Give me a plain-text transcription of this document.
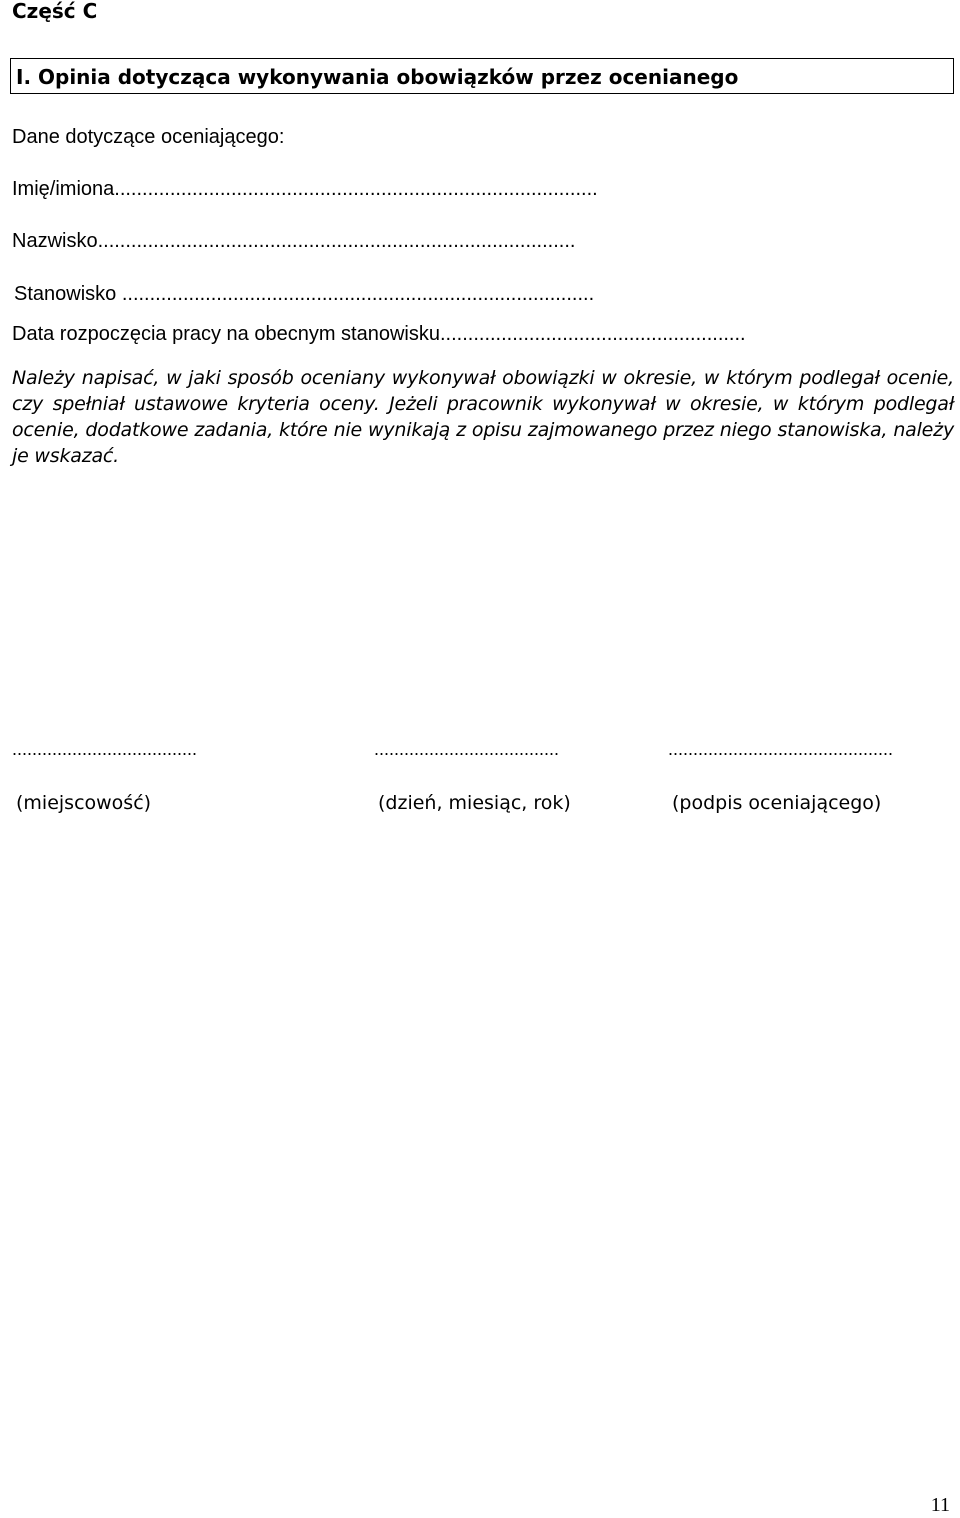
Część C
I. Opinia dotycząca wykonywania obowiązków przez ocenianego
Dane dotyczące oceniającego:
Imię/imiona.......................................................................................
Nazwisko......................................................................................
Stanowisko .....................................................................................
Data rozpoczęcia pracy na obecnym stanowisku.......................................................
Należy napisać, w jaki sposób oceniany wykonywał obowiązki w okresie, w którym podlegał ocenie, czy spełniał ustawowe kryteria oceny. Jeżeli pracownik wykonywał w okresie, w którym podlegał ocenie, dodatkowe zadania, które nie wynikają z opisu zajmowanego przez niego stanowiska, należy je wskazać.
.....................................	.....................................	.............................................
(miejscowość)	(dzień, miesiąc, rok)	(podpis oceniającego)
11
